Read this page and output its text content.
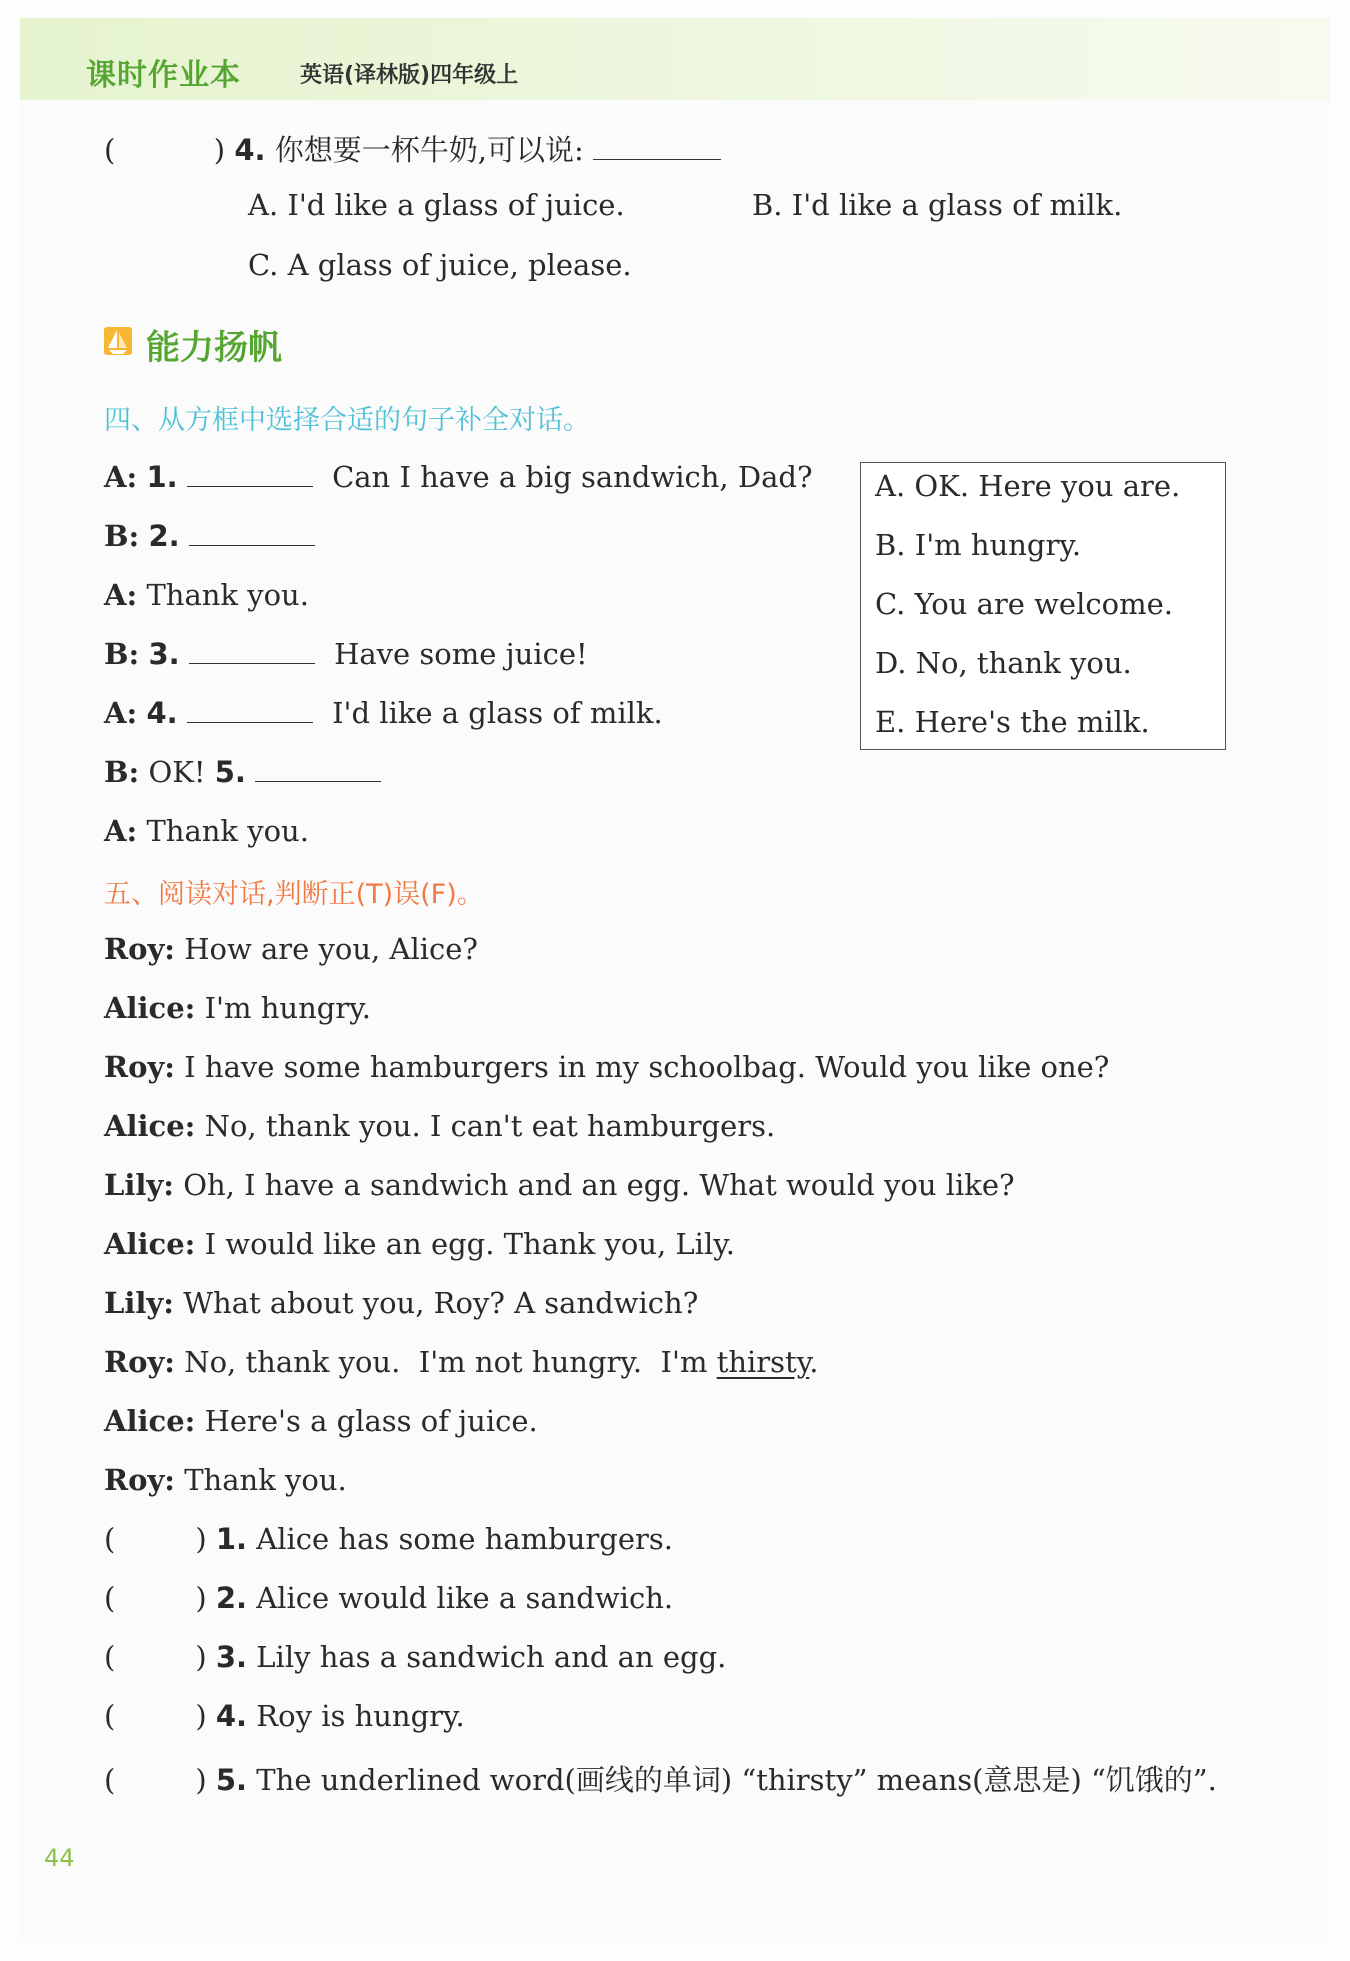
课时作业本	英语(译林版)四年级上
(	) 4. 你想要一杯牛奶,可以说:
A. I'd like a glass of juice.	B. I'd like a glass of milk.
C. A glass of juice, please.
能力扬帆
四、从方框中选择合适的句子补全对话。
A: 1.	Can I have a big sandwich, Dad?
B: 2.
A: Thank you.
B: 3.	Have some juice!
A: 4.	I'd like a glass of milk.
B: OK! 5.
A: Thank you.
A. OK. Here you are.
B. I'm hungry.
C. You are welcome.
D. No, thank you.
E. Here's the milk.
五、阅读对话,判断正(T)误(F)。
Roy: How are you, Alice?
Alice: I'm hungry.
Roy: I have some hamburgers in my schoolbag. Would you like one?
Alice: No, thank you. I can't eat hamburgers.
Lily: Oh, I have a sandwich and an egg. What would you like?
Alice: I would like an egg. Thank you, Lily.
Lily: What about you, Roy? A sandwich?
Roy: No, thank you.  I'm not hungry.  I'm thirsty.
Alice: Here's a glass of juice.
Roy: Thank you.
(	) 1. Alice has some hamburgers.
(	) 2. Alice would like a sandwich.
(	) 3. Lily has a sandwich and an egg.
(	) 4. Roy is hungry.
(	) 5. The underlined word(画线的单词) “thirsty” means(意思是) “饥饿的”.
44
